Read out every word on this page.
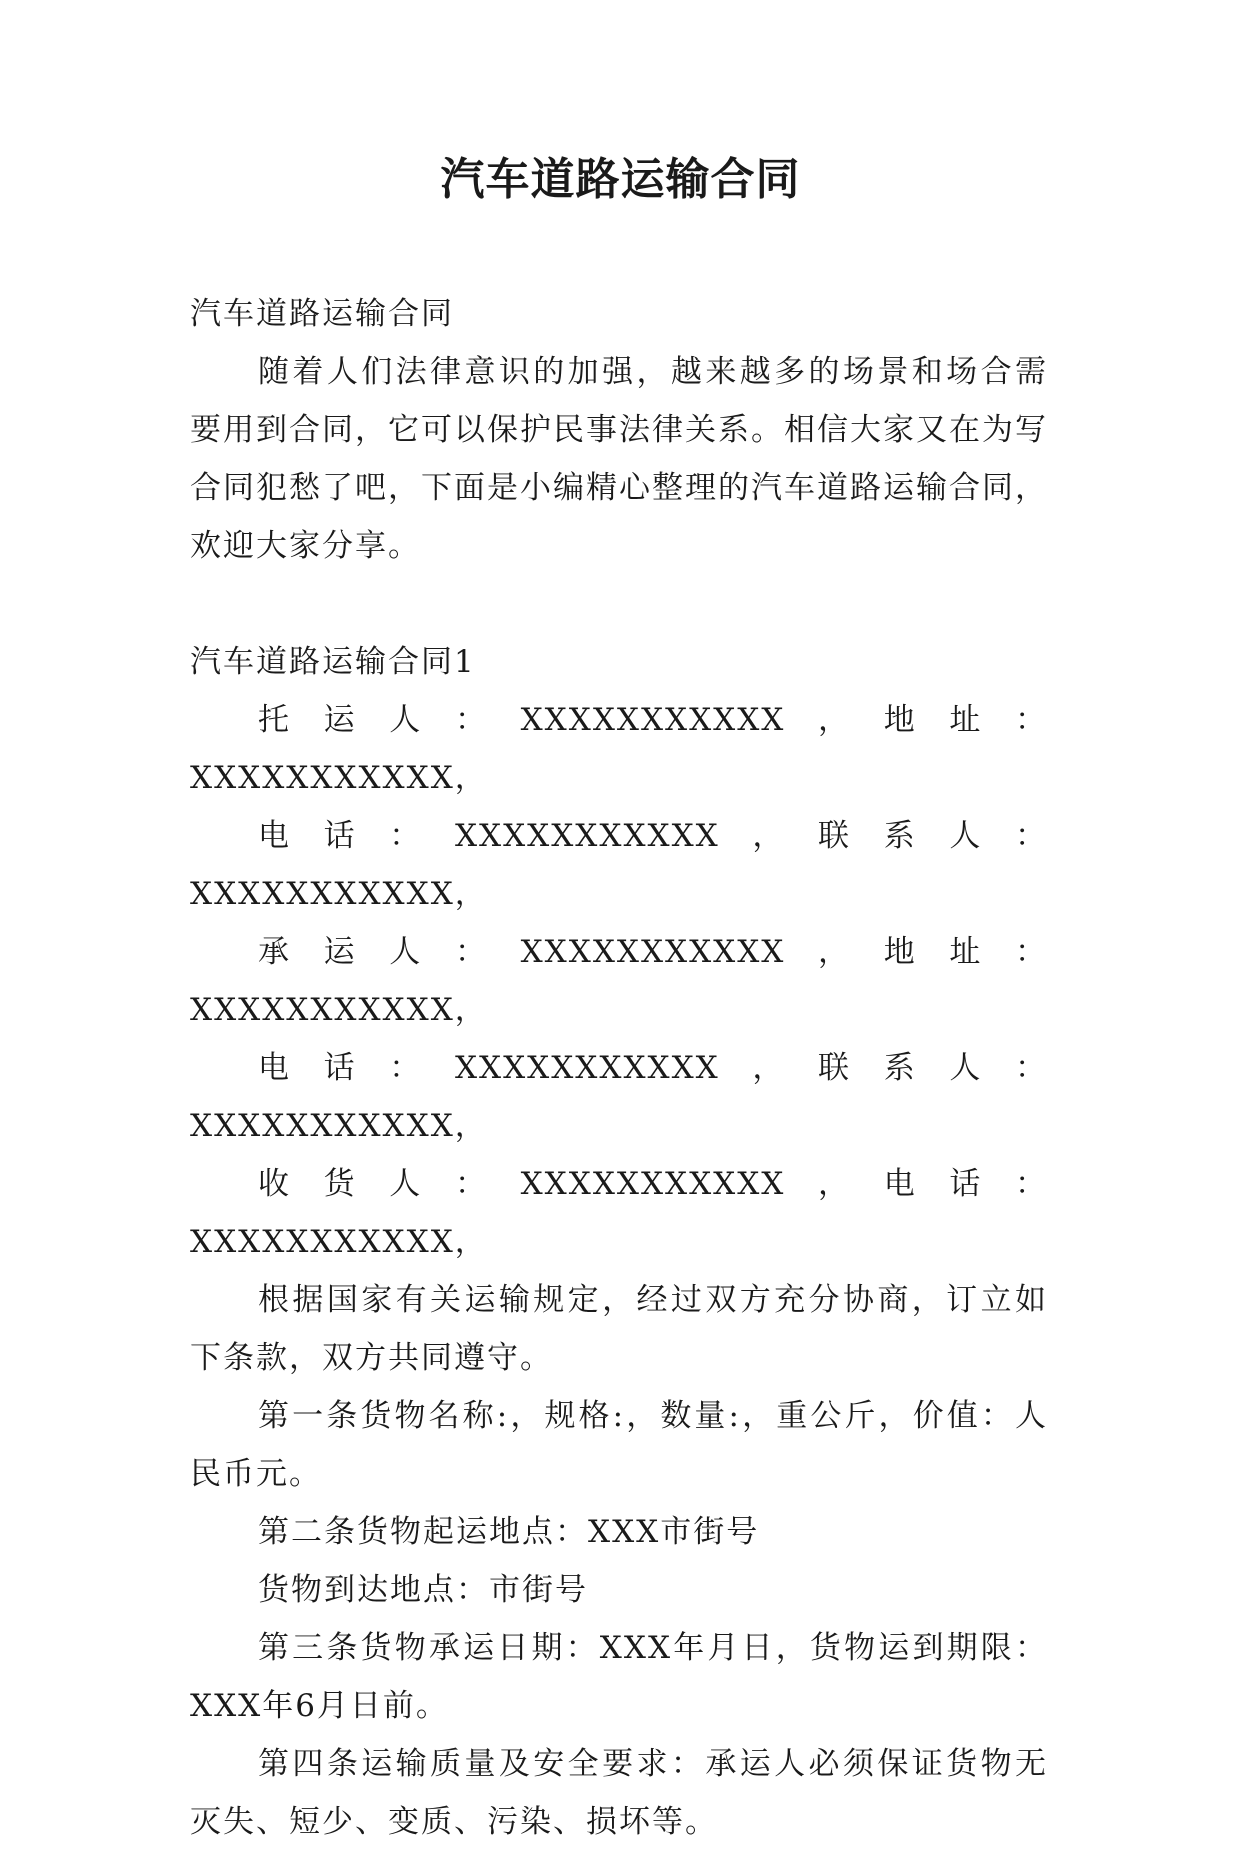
汽车道路运输合同

汽车道路运输合同

随着人们法律意识的加强，越来越多的场景和场合需要用到合同，它可以保护民事法律关系。相信大家又在为写合同犯愁了吧，下面是小编精心整理的汽车道路运输合同，欢迎大家分享。

汽车道路运输合同1

托运人：XXXXXXXXXXX，地址：XXXXXXXXXXX，

电话：XXXXXXXXXXX，联系人：XXXXXXXXXXX，

承运人：XXXXXXXXXXX，地址：XXXXXXXXXXX，

电话：XXXXXXXXXXX，联系人：XXXXXXXXXXX，

收货人：XXXXXXXXXXX，电话：XXXXXXXXXXX，

根据国家有关运输规定，经过双方充分协商，订立如下条款，双方共同遵守。

第一条货物名称:，规格:，数量:，重公斤，价值：人民币元。

第二条货物起运地点：XXX市街号

货物到达地点：市街号

第三条货物承运日期：XXX年月日，货物运到期限：XXX年6月日前。

第四条运输质量及安全要求：承运人必须保证货物无灭失、短少、变质、污染、损坏等。
